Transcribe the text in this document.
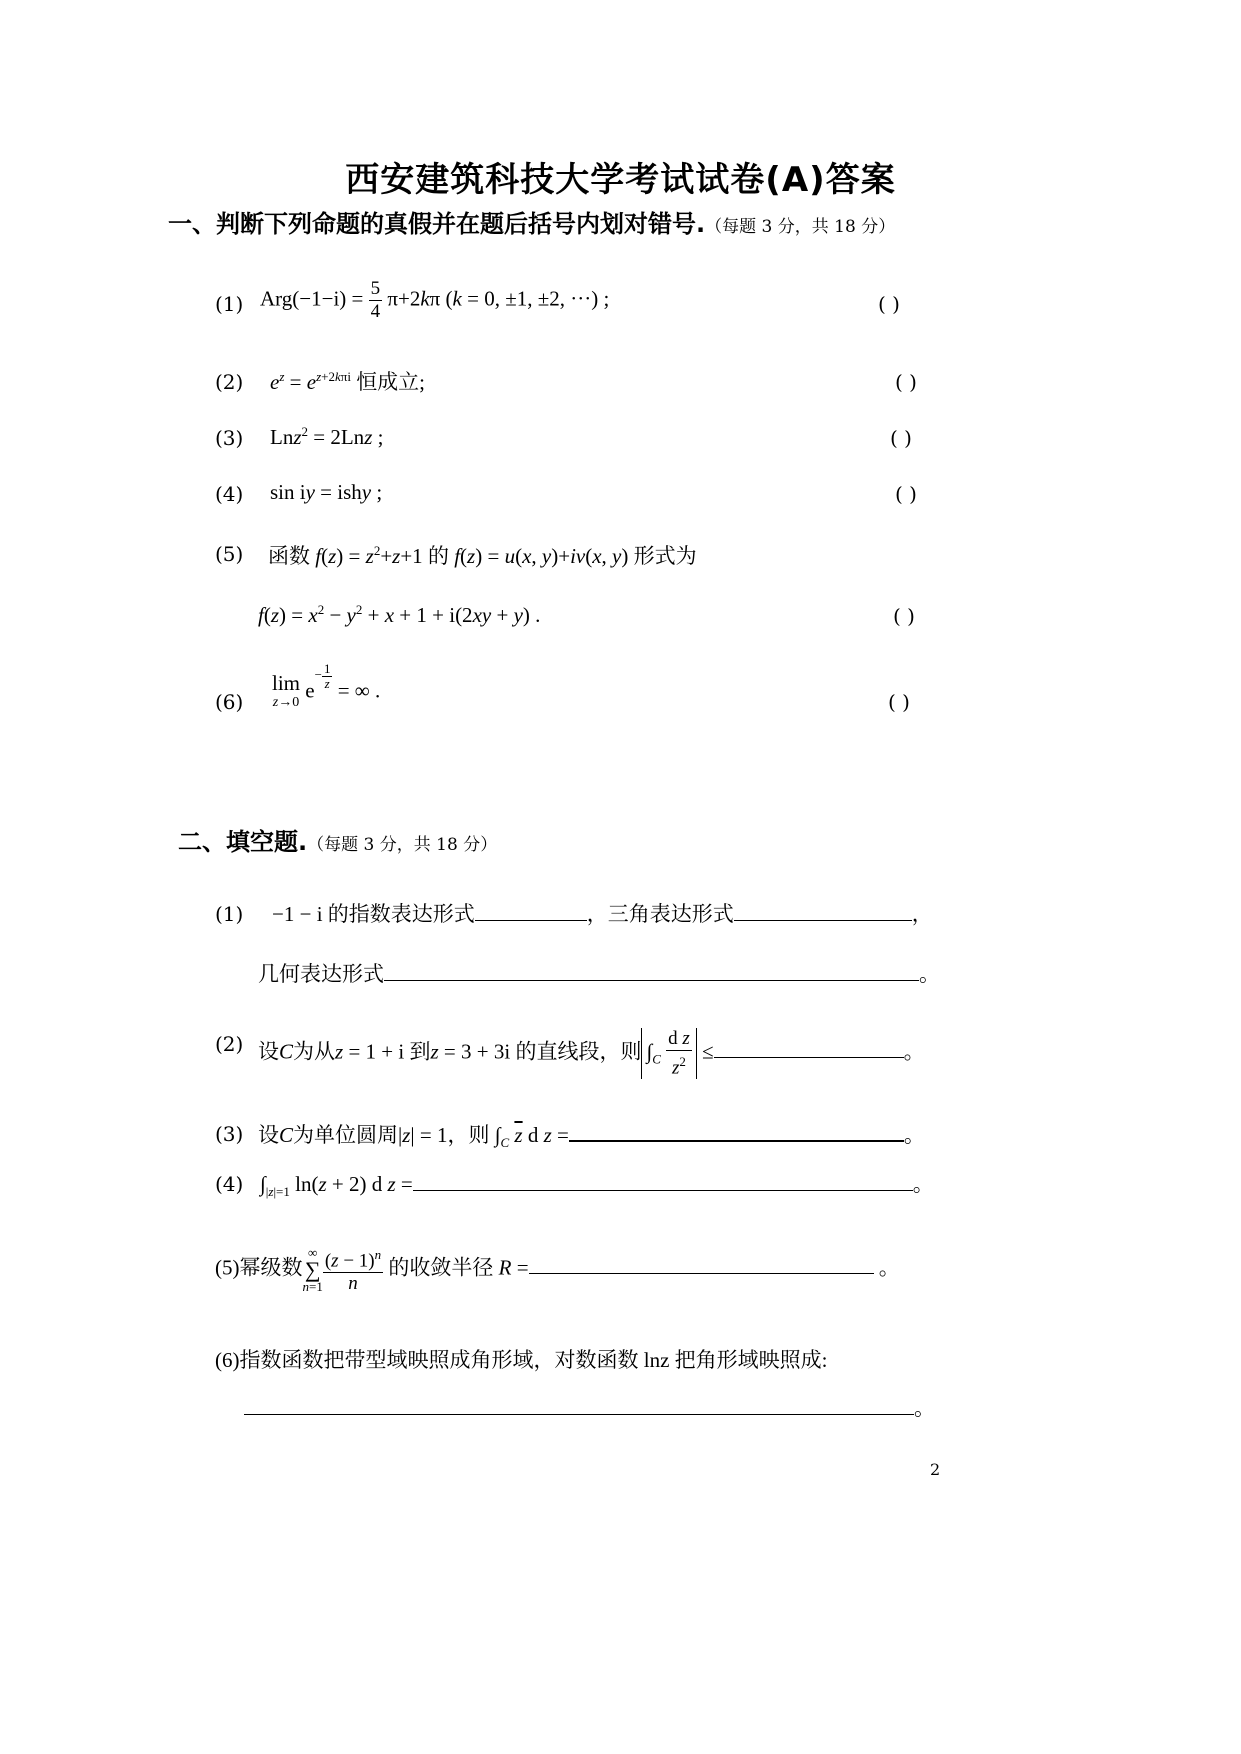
西安建筑科技大学考试试卷(A)答案
一、判断下列命题的真假并在题后括号内划对错号.（每题 3 分，共 18 分）
(1) $Arg(-1-i) = \frac{5}{4} \pi+2k\pi$ (k = 0, ±1, ±2, ···) ;	( )
(2) $e^z = e^{z+2k\pi i}$ 恒成立;	( )
(3) Lnz$^2$ = 2Lnz ;	( )
(4) sin iy = ishy ;	( )
(5) 函数 $f(z) = z^2+z+1$ 的 f(z) = u(x, y)+iv(x, y) 形式为
$f(z) = x^2 - y^2 + x + 1 + i(2xy + y)$ .	( )
(6)
lim
z→0 $e^{- \frac{1}{z}}$ = ∞ .	( )
二、填空题.（每题 3 分，共 18 分）
(1) −1 − i 的指数表达形式	，三角表达形式	，
几何表达形式	。
(2) 设C为从z = 1 + i 到z = 3 + 3i 的直线段，则 $\int_C \frac{\text{d z}}{z^2}$ ≤	。
(3) 设C为单位圆周|z| = 1，则 $\int_C$ $\overline{z}$ d z =	。
(4) $\int_{|z|=1}$ ln(z + 2) d z =	。
(5)幂级数
∞
∑
$n=1 \frac{(z - 1)^n}{n}$ 的收敛半径 R =	。
(6)指数函数把带型域映照成角形域，对数函数 lnz 把角形域映照成:
。
2
